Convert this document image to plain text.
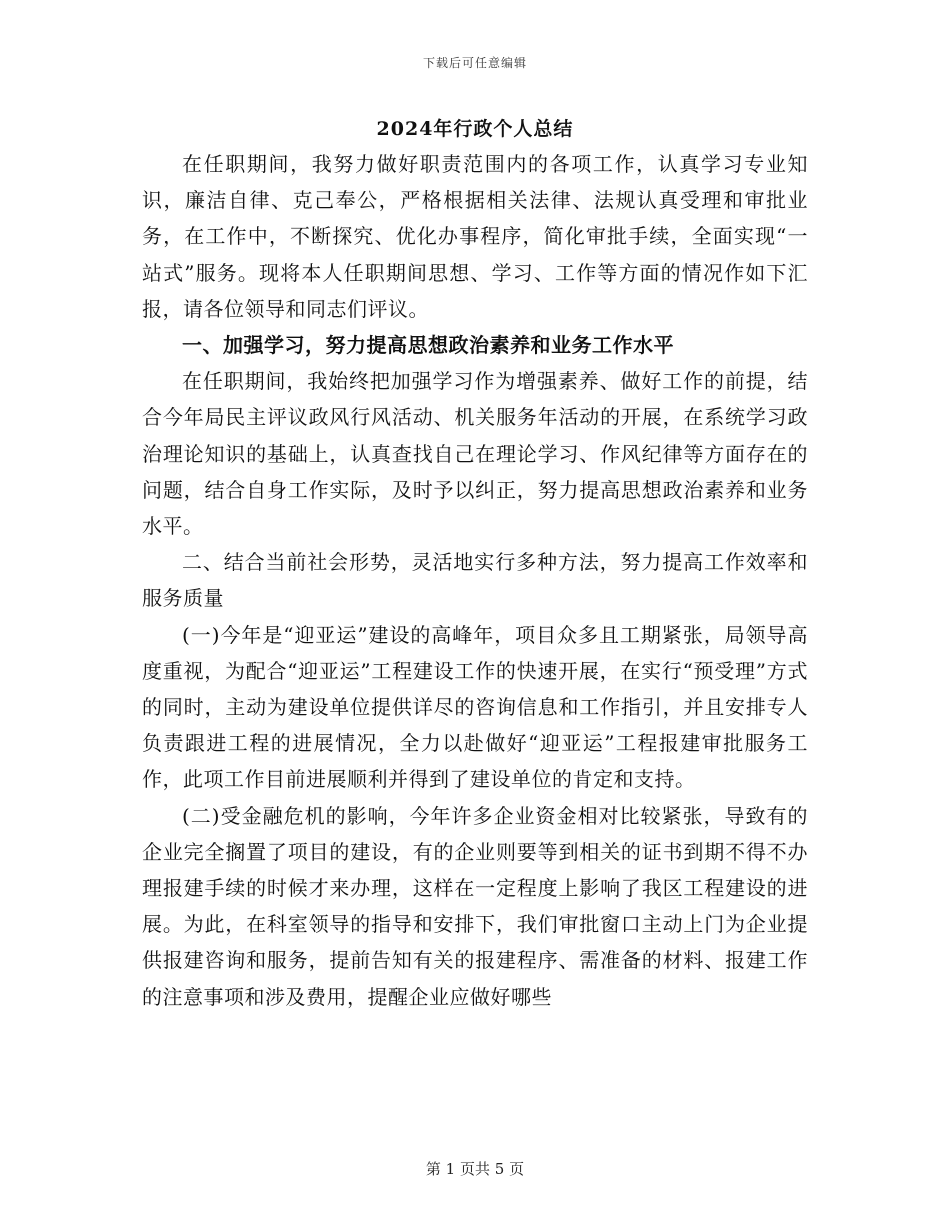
下载后可任意编辑
2024年行政个人总结

在任职期间，我努力做好职责范围内的各项工作，认真学习专业知识，廉洁自律、克己奉公，严格根据相关法律、法规认真受理和审批业务，在工作中，不断探究、优化办事程序，简化审批手续，全面实现“一站式”服务。现将本人任职期间思想、学习、工作等方面的情况作如下汇报，请各位领导和同志们评议。

一、加强学习，努力提高思想政治素养和业务工作水平

在任职期间，我始终把加强学习作为增强素养、做好工作的前提，结合今年局民主评议政风行风活动、机关服务年活动的开展，在系统学习政治理论知识的基础上，认真查找自己在理论学习、作风纪律等方面存在的问题，结合自身工作实际，及时予以纠正，努力提高思想政治素养和业务水平。

二、结合当前社会形势，灵活地实行多种方法，努力提高工作效率和服务质量

(一)今年是“迎亚运”建设的高峰年，项目众多且工期紧张，局领导高度重视，为配合“迎亚运”工程建设工作的快速开展，在实行“预受理”方式的同时，主动为建设单位提供详尽的咨询信息和工作指引，并且安排专人负责跟进工程的进展情况，全力以赴做好“迎亚运”工程报建审批服务工作，此项工作目前进展顺利并得到了建设单位的肯定和支持。

(二)受金融危机的影响，今年许多企业资金相对比较紧张，导致有的企业完全搁置了项目的建设，有的企业则要等到相关的证书到期不得不办理报建手续的时候才来办理，这样在一定程度上影响了我区工程建设的进展。为此，在科室领导的指导和安排下，我们审批窗口主动上门为企业提供报建咨询和服务，提前告知有关的报建程序、需准备的材料、报建工作的注意事项和涉及费用，提醒企业应做好哪些

第 1 页共 5 页
